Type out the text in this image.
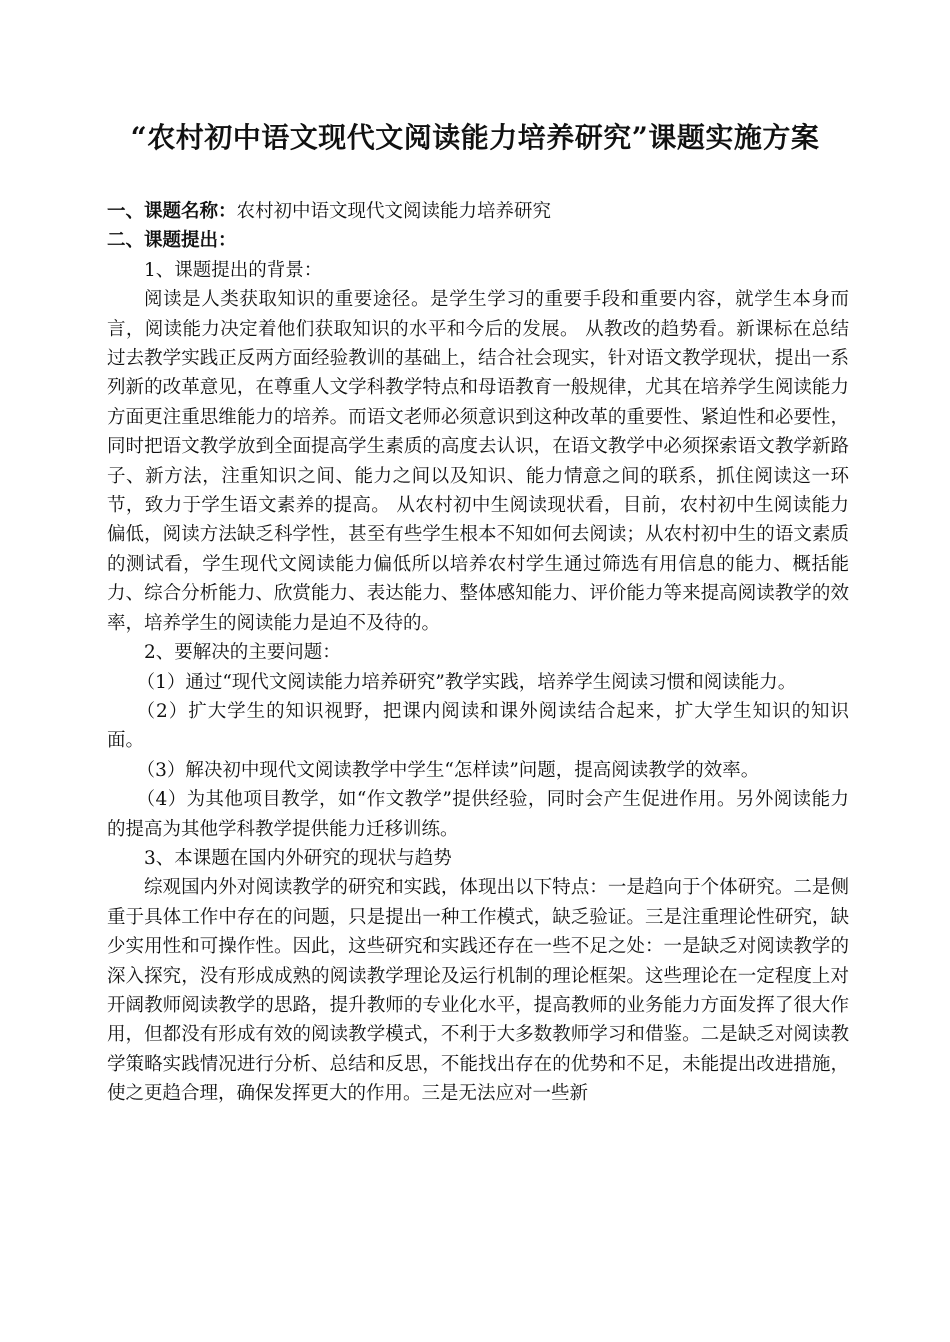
“农村初中语文现代文阅读能力培养研究”课题实施方案

一、课题名称：农村初中语文现代文阅读能力培养研究

二、课题提出：

1、课题提出的背景：

阅读是人类获取知识的重要途径。是学生学习的重要手段和重要内容，就学生本身而言，阅读能力决定着他们获取知识的水平和今后的发展。 从教改的趋势看。新课标在总结过去教学实践正反两方面经验教训的基础上，结合社会现实，针对语文教学现状，提出一系列新的改革意见，在尊重人文学科教学特点和母语教育一般规律，尤其在培养学生阅读能力方面更注重思维能力的培养。而语文老师必须意识到这种改革的重要性、紧迫性和必要性，同时把语文教学放到全面提高学生素质的高度去认识，在语文教学中必须探索语文教学新路子、新方法，注重知识之间、能力之间以及知识、能力情意之间的联系，抓住阅读这一环节，致力于学生语文素养的提高。 从农村初中生阅读现状看，目前，农村初中生阅读能力偏低，阅读方法缺乏科学性，甚至有些学生根本不知如何去阅读；从农村初中生的语文素质的测试看，学生现代文阅读能力偏低所以培养农村学生通过筛选有用信息的能力、概括能力、综合分析能力、欣赏能力、表达能力、整体感知能力、评价能力等来提高阅读教学的效率，培养学生的阅读能力是迫不及待的。

2、要解决的主要问题：

（1）通过“现代文阅读能力培养研究”教学实践，培养学生阅读习惯和阅读能力。

（2）扩大学生的知识视野，把课内阅读和课外阅读结合起来，扩大学生知识的知识面。

（3）解决初中现代文阅读教学中学生“怎样读”问题，提高阅读教学的效率。

（4）为其他项目教学，如“作文教学”提供经验，同时会产生促进作用。另外阅读能力的提高为其他学科教学提供能力迁移训练。

3、本课题在国内外研究的现状与趋势

综观国内外对阅读教学的研究和实践，体现出以下特点：一是趋向于个体研究。二是侧重于具体工作中存在的问题，只是提出一种工作模式，缺乏验证。三是注重理论性研究，缺少实用性和可操作性。因此，这些研究和实践还存在一些不足之处：一是缺乏对阅读教学的深入探究，没有形成成熟的阅读教学理论及运行机制的理论框架。这些理论在一定程度上对开阔教师阅读教学的思路，提升教师的专业化水平，提高教师的业务能力方面发挥了很大作用，但都没有形成有效的阅读教学模式，不利于大多数教师学习和借鉴。二是缺乏对阅读教学策略实践情况进行分析、总结和反思，不能找出存在的优势和不足，未能提出改进措施，使之更趋合理，确保发挥更大的作用。三是无法应对一些新
